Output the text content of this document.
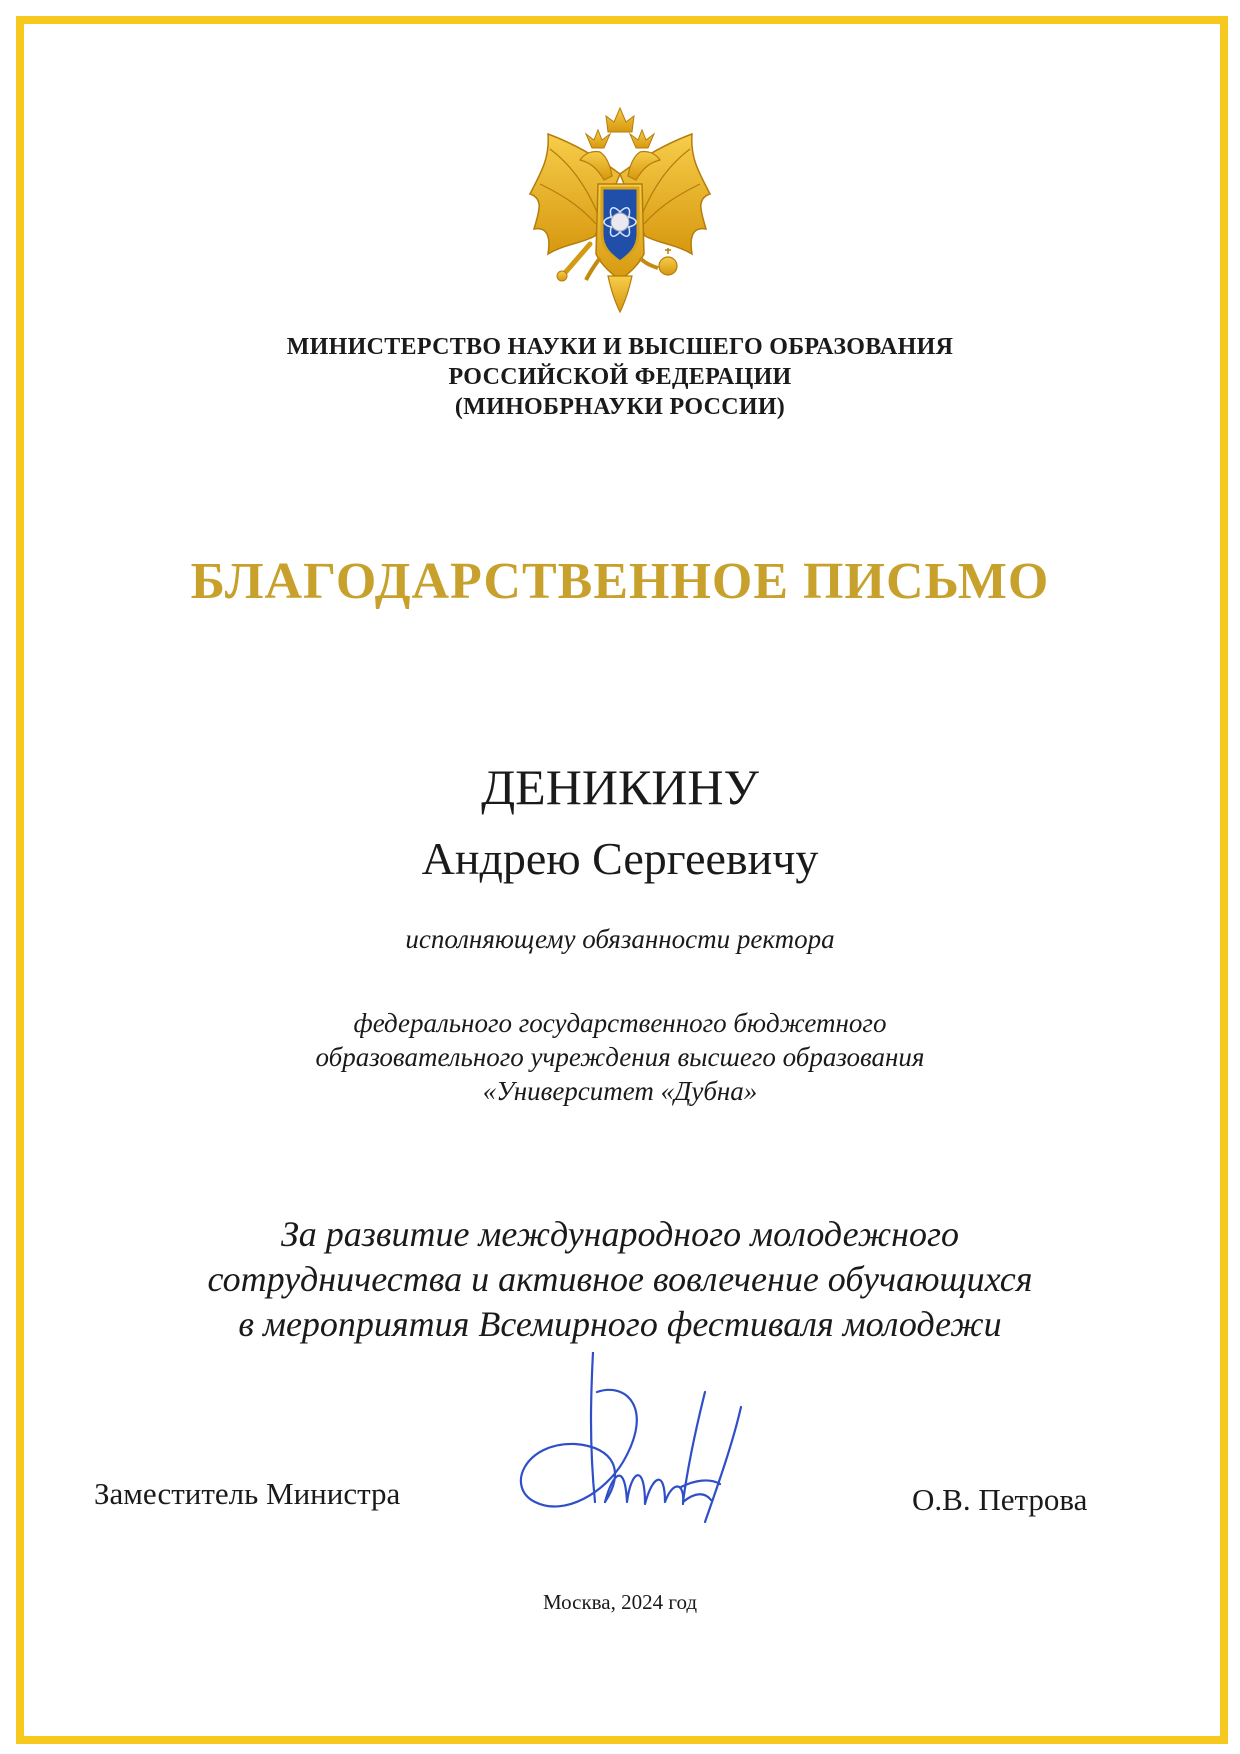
МИНИСТЕРСТВО НАУКИ И ВЫСШЕГО ОБРАЗОВАНИЯ
РОССИЙСКОЙ ФЕДЕРАЦИИ
(МИНОБРНАУКИ РОССИИ)
БЛАГОДАРСТВЕННОЕ ПИСЬМО
ДЕНИКИНУ
Андрею Сергеевичу
исполняющему обязанности ректора
федерального государственного бюджетного
образовательного учреждения высшего образования
«Университет «Дубна»
За развитие международного молодежного
сотрудничества и активное вовлечение обучающихся
в мероприятия Всемирного фестиваля молодежи
Заместитель Министра	О.В. Петрова
Москва, 2024 год
